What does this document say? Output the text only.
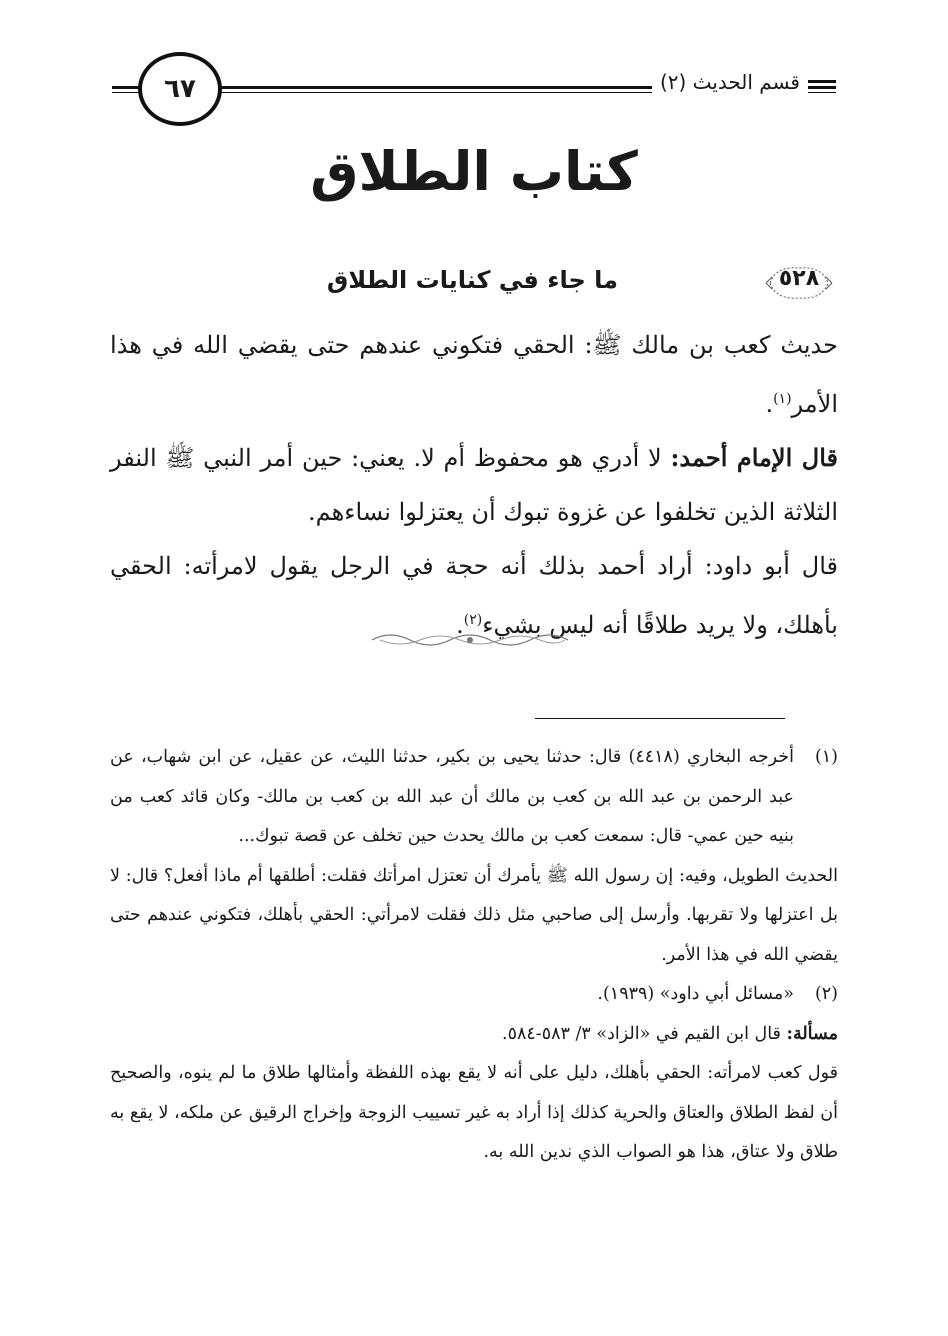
٦٧	قسم الحديث (٢)
كتاب الطلاق
٥٢٨
ما جاء في كنايات الطلاق

حديث كعب بن مالك ﷺ: الحقي فتكوني عندهم حتى يقضي الله في هذا الأمر$^{(١)}$.

قال الإمام أحمد: لا أدري هو محفوظ أم لا. يعني: حين أمر النبي ﷺ النفر الثلاثة الذين تخلفوا عن غزوة تبوك أن يعتزلوا نساءهم.

قال أبو داود: أراد أحمد بذلك أنه حجة في الرجل يقول لامرأته: الحقي بأهلك، ولا يريد طلاقًا أنه ليس بشيء$^{(٢)}$.

(١)

أخرجه البخاري (٤٤١٨) قال: حدثنا يحيى بن بكير، حدثنا الليث، عن عقيل، عن ابن شهاب، عن عبد الرحمن بن عبد الله بن كعب بن مالك أن عبد الله بن كعب بن مالك- وكان قائد كعب من بنيه حين عمي- قال: سمعت كعب بن مالك يحدث حين تخلف عن قصة تبوك...

الحديث الطويل، وفيه: إن رسول الله ﷺ يأمرك أن تعتزل امرأتك فقلت: أطلقها أم ماذا أفعل؟ قال: لا بل اعتزلها ولا تقربها. وأرسل إلى صاحبي مثل ذلك فقلت لامرأتي: الحقي بأهلك، فتكوني عندهم حتى يقضي الله في هذا الأمر.

(٢)

«مسائل أبي داود» (١٩٣٩).

مسألة: قال ابن القيم في «الزاد» ٣/ ٥٨٣-٥٨٤.

قول كعب لامرأته: الحقي بأهلك، دليل على أنه لا يقع بهذه اللفظة وأمثالها طلاق ما لم ينوه، والصحيح أن لفظ الطلاق والعتاق والحرية كذلك إذا أراد به غير تسييب الزوجة وإخراج الرقيق عن ملكه، لا يقع به طلاق ولا عتاق، هذا هو الصواب الذي ندين الله به.
